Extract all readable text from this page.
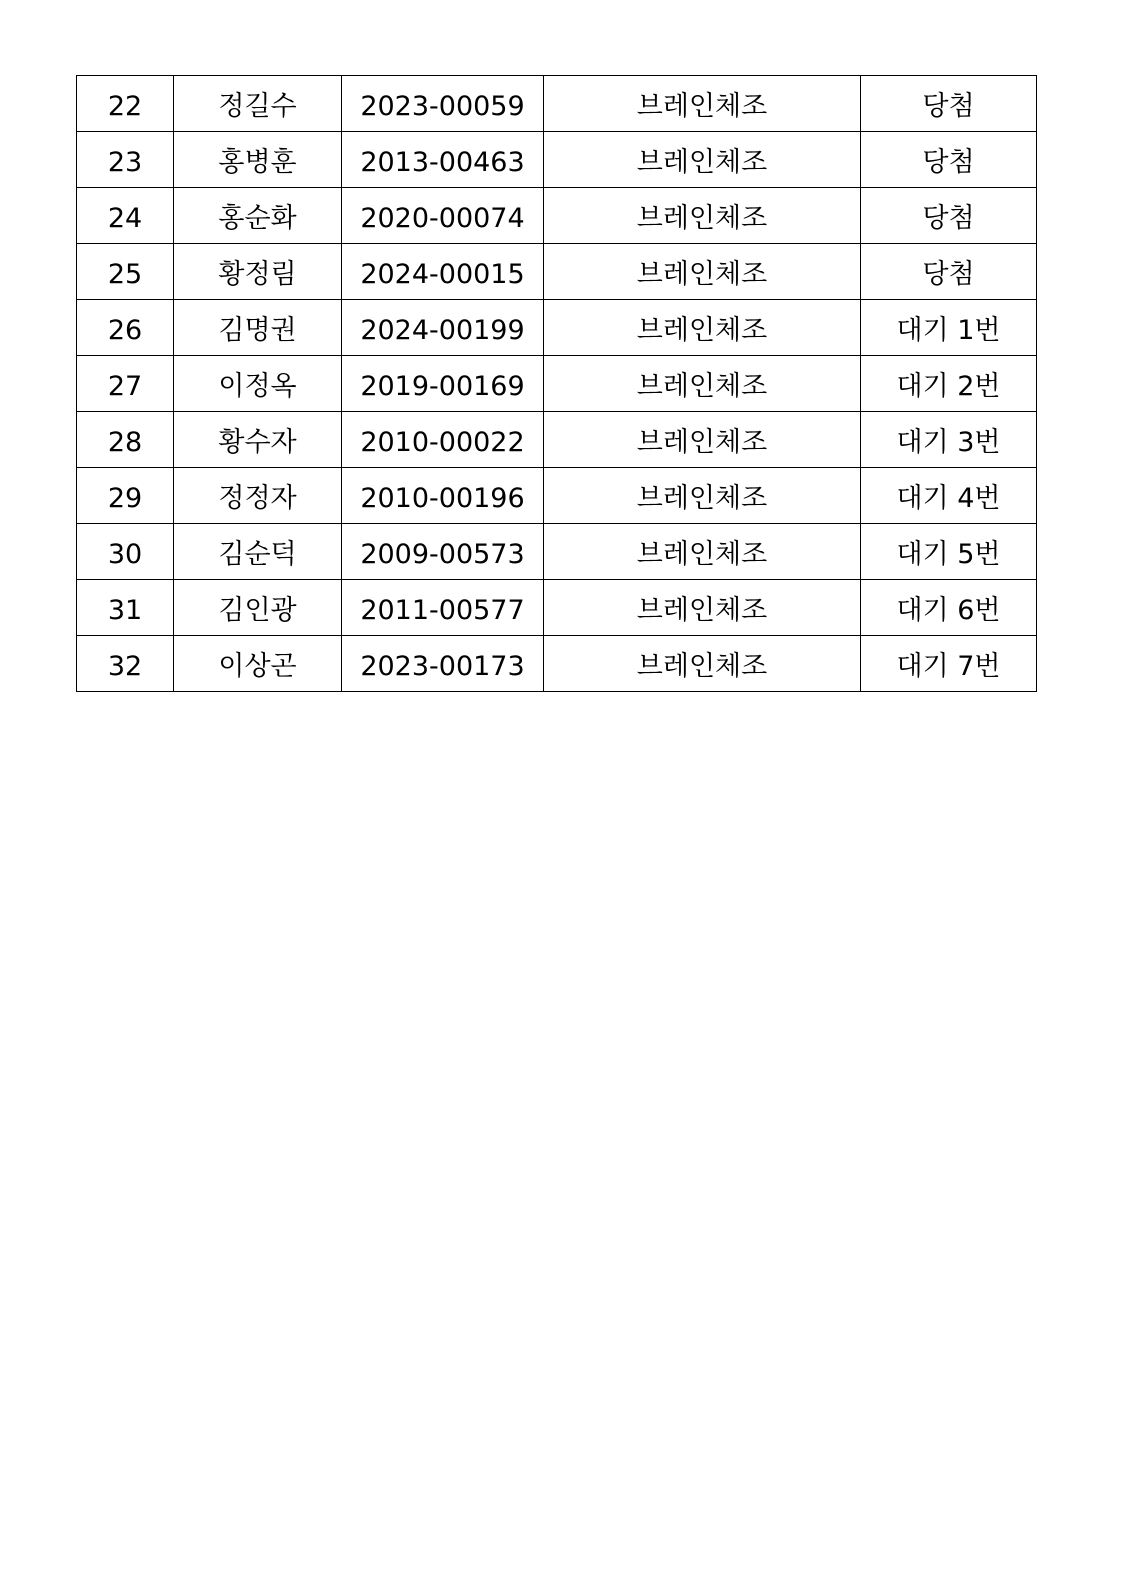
22	정길수	2023-00059	브레인체조	당첨
23	홍병훈	2013-00463	브레인체조	당첨
24	홍순화	2020-00074	브레인체조	당첨
25	황정림	2024-00015	브레인체조	당첨
26	김명권	2024-00199	브레인체조	대기 1번
27	이정옥	2019-00169	브레인체조	대기 2번
28	황수자	2010-00022	브레인체조	대기 3번
29	정정자	2010-00196	브레인체조	대기 4번
30	김순덕	2009-00573	브레인체조	대기 5번
31	김인광	2011-00577	브레인체조	대기 6번
32	이상곤	2023-00173	브레인체조	대기 7번
